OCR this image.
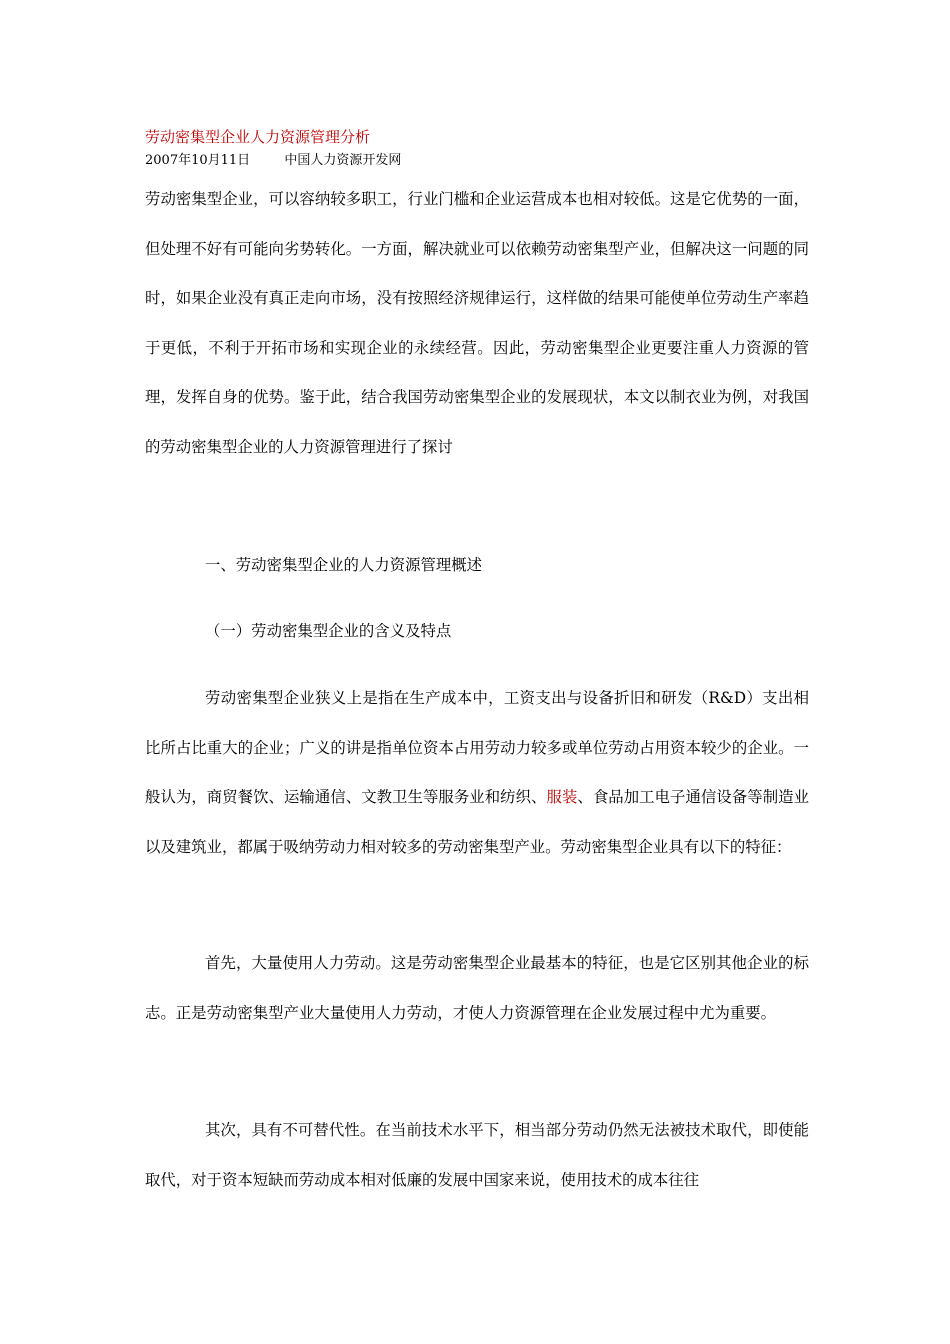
劳动密集型企业人力资源管理分析
2007年10月11日	中国人力资源开发网
劳动密集型企业，可以容纳较多职工，行业门槛和企业运营成本也相对较低。这是它优势的一面，但处理不好有可能向劣势转化。一方面，解决就业可以依赖劳动密集型产业，但解决这一问题的同时，如果企业没有真正走向市场，没有按照经济规律运行，这样做的结果可能使单位劳动生产率趋于更低，不利于开拓市场和实现企业的永续经营。因此，劳动密集型企业更要注重人力资源的管理，发挥自身的优势。鉴于此，结合我国劳动密集型企业的发展现状，本文以制衣业为例，对我国的劳动密集型企业的人力资源管理进行了探讨
一、劳动密集型企业的人力资源管理概述
（一）劳动密集型企业的含义及特点
劳动密集型企业狭义上是指在生产成本中，工资支出与设备折旧和研发（R&D）支出相比所占比重大的企业；广义的讲是指单位资本占用劳动力较多或单位劳动占用资本较少的企业。一般认为，商贸餐饮、运输通信、文教卫生等服务业和纺织、服装、食品加工电子通信设备等制造业以及建筑业，都属于吸纳劳动力相对较多的劳动密集型产业。劳动密集型企业具有以下的特征：
首先，大量使用人力劳动。这是劳动密集型企业最基本的特征，也是它区别其他企业的标志。正是劳动密集型产业大量使用人力劳动，才使人力资源管理在企业发展过程中尤为重要。
其次，具有不可替代性。在当前技术水平下，相当部分劳动仍然无法被技术取代，即使能取代，对于资本短缺而劳动成本相对低廉的发展中国家来说，使用技术的成本往往
